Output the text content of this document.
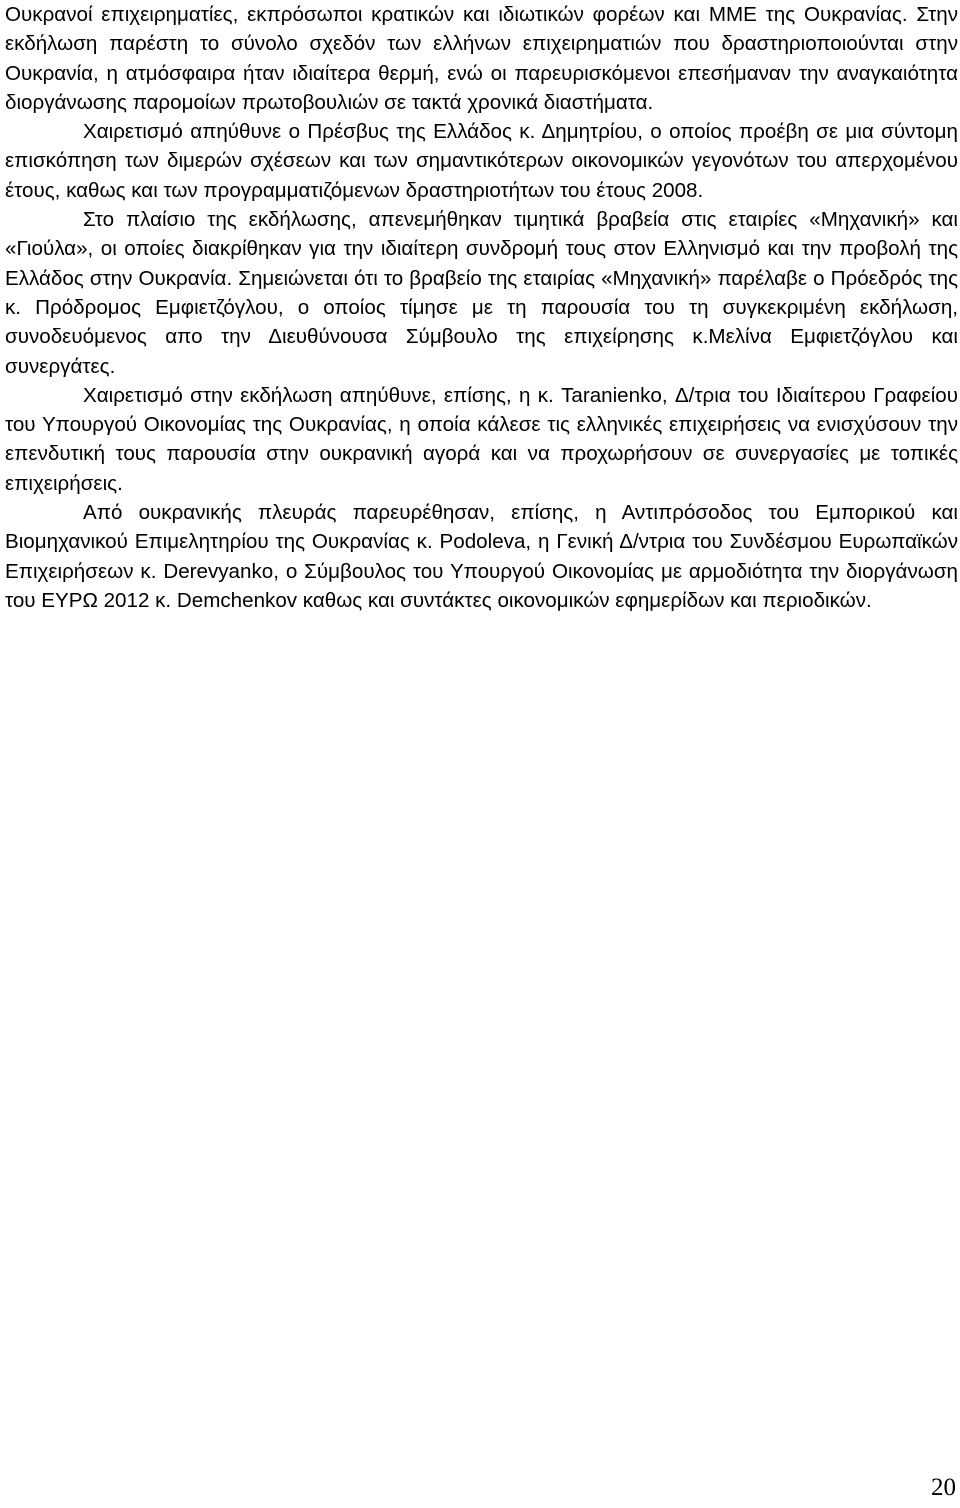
Ουκρανοί επιχειρηματίες, εκπρόσωποι κρατικών και ιδιωτικών φορέων και ΜΜΕ της Ουκρανίας. Στην εκδήλωση παρέστη το σύνολο σχεδόν των ελλήνων επιχειρηματιών που δραστηριοποιούνται στην Ουκρανία, η ατμόσφαιρα ήταν ιδιαίτερα θερμή, ενώ οι παρευρισκόμενοι επεσήμαναν την αναγκαιότητα διοργάνωσης παρομοίων πρωτοβουλιών σε τακτά χρονικά διαστήματα.

Χαιρετισμό απηύθυνε ο Πρέσβυς της Ελλάδος κ. Δημητρίου, ο οποίος προέβη σε μια σύντομη επισκόπηση των διμερών σχέσεων και των σημαντικότερων οικονομικών γεγονότων του απερχομένου έτους, καθως και των προγραμματιζόμενων δραστηριοτήτων του έτους 2008.

Στο πλαίσιο της εκδήλωσης, απενεμήθηκαν τιμητικά βραβεία στις εταιρίες «Μηχανική» και «Γιούλα», οι οποίες διακρίθηκαν για την ιδιαίτερη συνδρομή τους στον Ελληνισμό και την προβολή της Ελλάδος στην Ουκρανία. Σημειώνεται ότι το βραβείο της εταιρίας «Μηχανική» παρέλαβε ο Πρόεδρός της κ. Πρόδρομος Εμφιετζόγλου, ο οποίος τίμησε με τη παρουσία του τη συγκεκριμένη εκδήλωση, συνοδευόμενος απο την Διευθύνουσα Σύμβουλο της επιχείρησης κ.Μελίνα Εμφιετζόγλου και συνεργάτες.

Χαιρετισμό στην εκδήλωση απηύθυνε, επίσης, η κ. Taranienko, Δ/τρια του Ιδιαίτερου Γραφείου του Υπουργού Οικονομίας της Ουκρανίας, η οποία κάλεσε τις ελληνικές επιχειρήσεις να ενισχύσουν την επενδυτική τους παρουσία στην ουκρανική αγορά και να προχωρήσουν σε συνεργασίες με τοπικές επιχειρήσεις.

Από ουκρανικής πλευράς παρευρέθησαν, επίσης, η Αντιπρόσοδος του Εμπορικού και Βιομηχανικού Επιμελητηρίου της Ουκρανίας κ. Podoleva, η Γενική Δ/ντρια του Συνδέσμου Ευρωπαϊκών Επιχειρήσεων κ. Derevyanko, ο Σύμβουλος του Υπουργού Οικονομίας με αρμοδιότητα την διοργάνωση του ΕΥΡΩ 2012 κ. Demchenkov καθως και συντάκτες οικονομικών εφημερίδων και περιοδικών.

20
